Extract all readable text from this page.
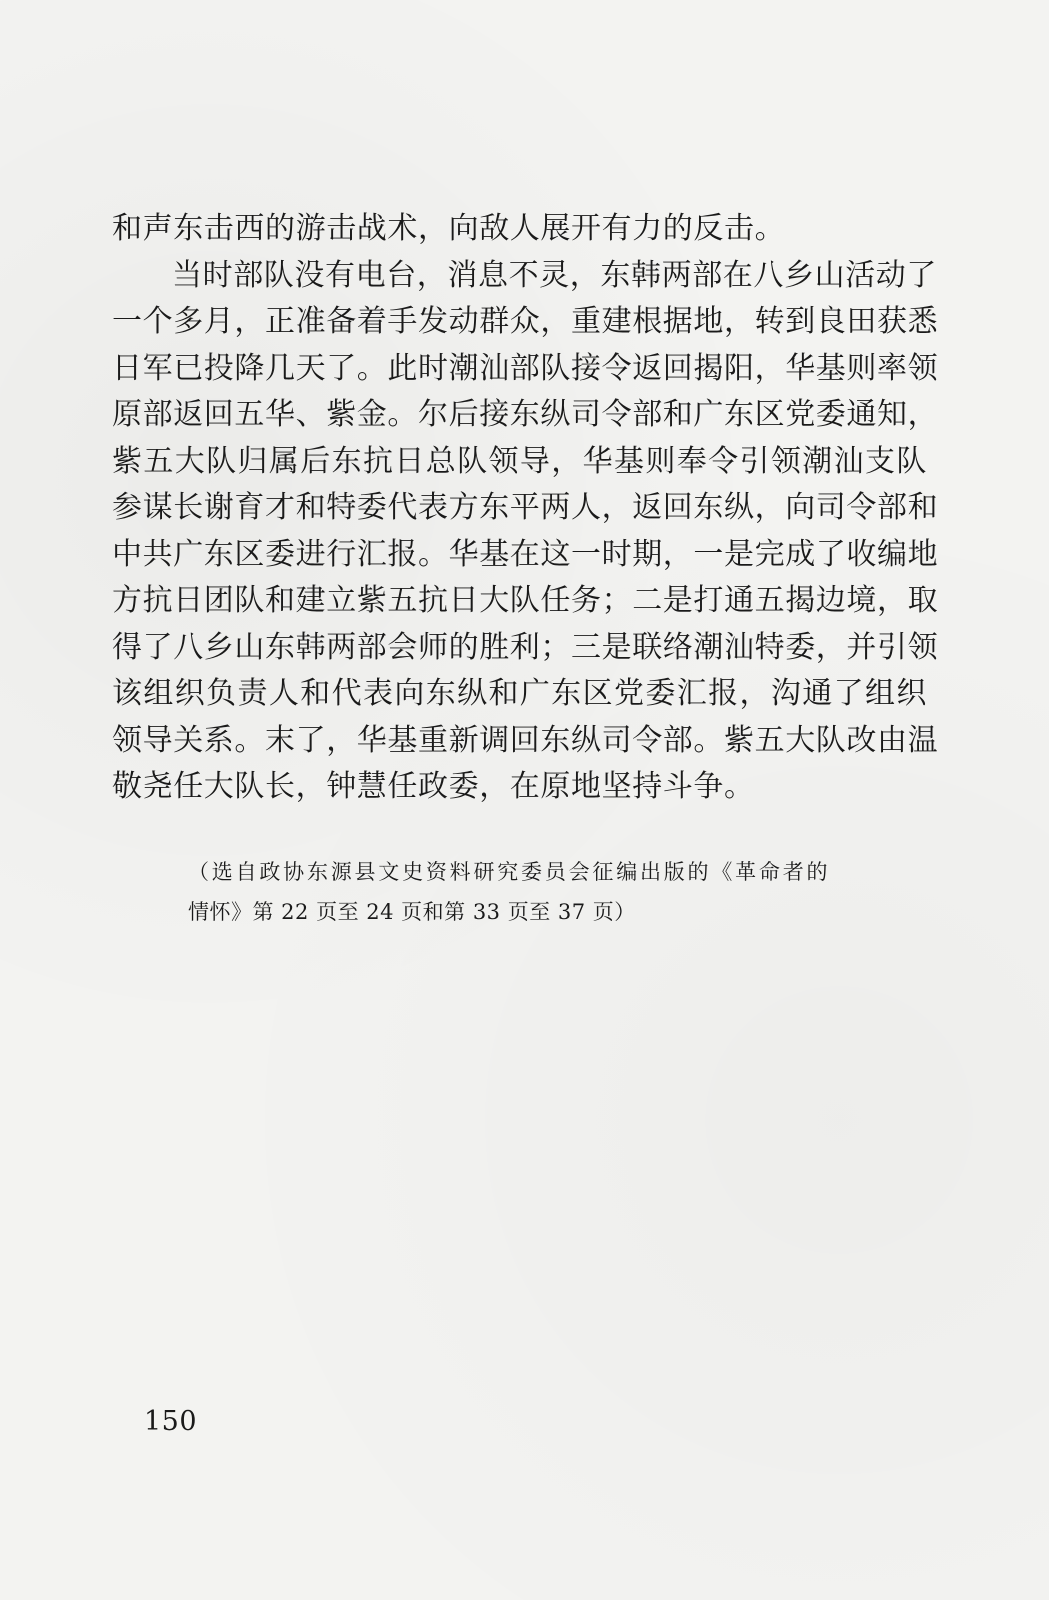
和声东击西的游击战术，向敌人展开有力的反击。
当时部队没有电台，消息不灵，东韩两部在八乡山活动了
一个多月，正准备着手发动群众，重建根据地，转到良田获悉
日军已投降几天了。此时潮汕部队接令返回揭阳，华基则率领
原部返回五华、紫金。尔后接东纵司令部和广东区党委通知，
紫五大队归属后东抗日总队领导，华基则奉令引领潮汕支队
参谋长谢育才和特委代表方东平两人，返回东纵，向司令部和
中共广东区委进行汇报。华基在这一时期，一是完成了收编地
方抗日团队和建立紫五抗日大队任务；二是打通五揭边境，取
得了八乡山东韩两部会师的胜利；三是联络潮汕特委，并引领
该组织负责人和代表向东纵和广东区党委汇报，沟通了组织
领导关系。末了，华基重新调回东纵司令部。紫五大队改由温
敬尧任大队长，钟慧任政委，在原地坚持斗争。
（选自政协东源县文史资料研究委员会征编出版的《革命者的
情怀》第 22 页至 24 页和第 33 页至 37 页）
150
